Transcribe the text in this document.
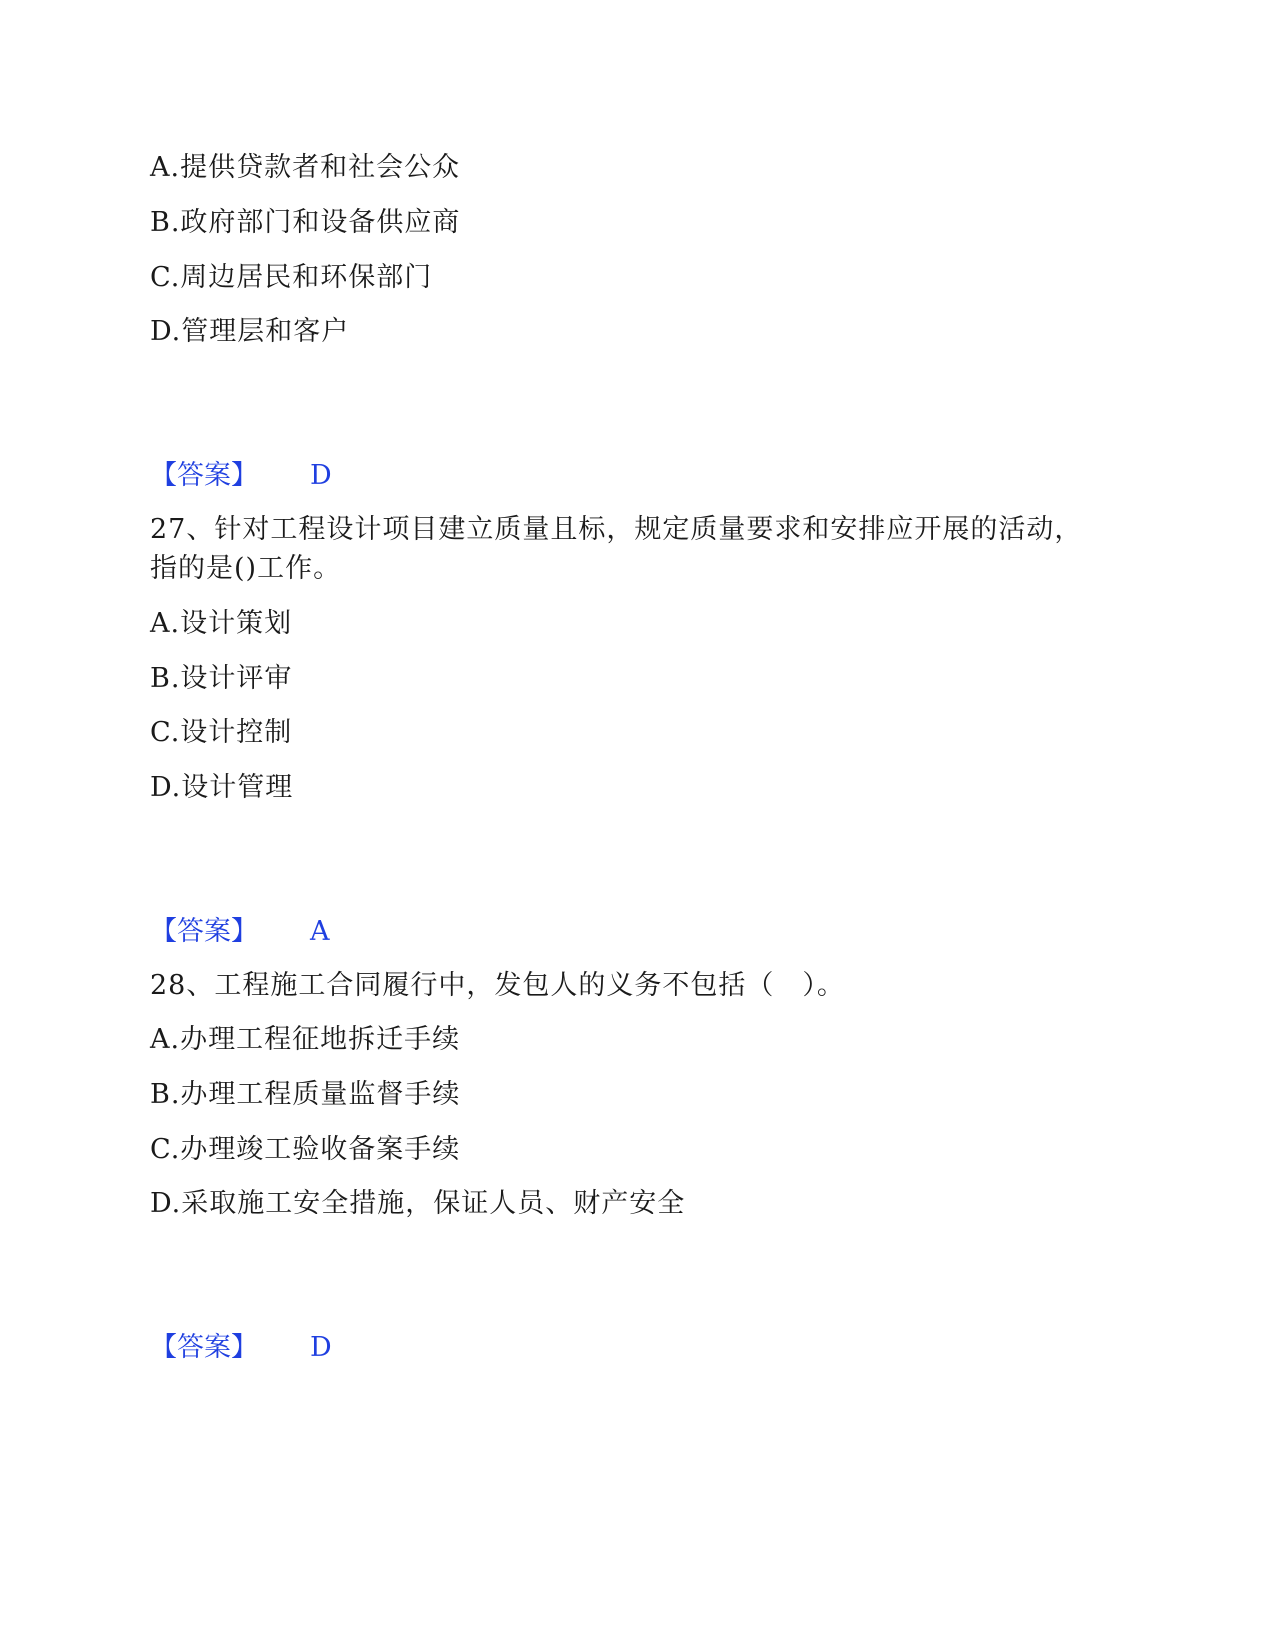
A.提供贷款者和社会公众
B.政府部门和设备供应商
C.周边居民和环保部门
D.管理层和客户
【答案】 D
27、针对工程设计项目建立质量且标，规定质量要求和安排应开展的活动，
指的是()工作。
A.设计策划
B.设计评审
C.设计控制
D.设计管理
【答案】 A
28、工程施工合同履行中，发包人的义务不包括（　）。
A.办理工程征地拆迁手续
B.办理工程质量监督手续
C.办理竣工验收备案手续
D.采取施工安全措施，保证人员、财产安全
【答案】 D
